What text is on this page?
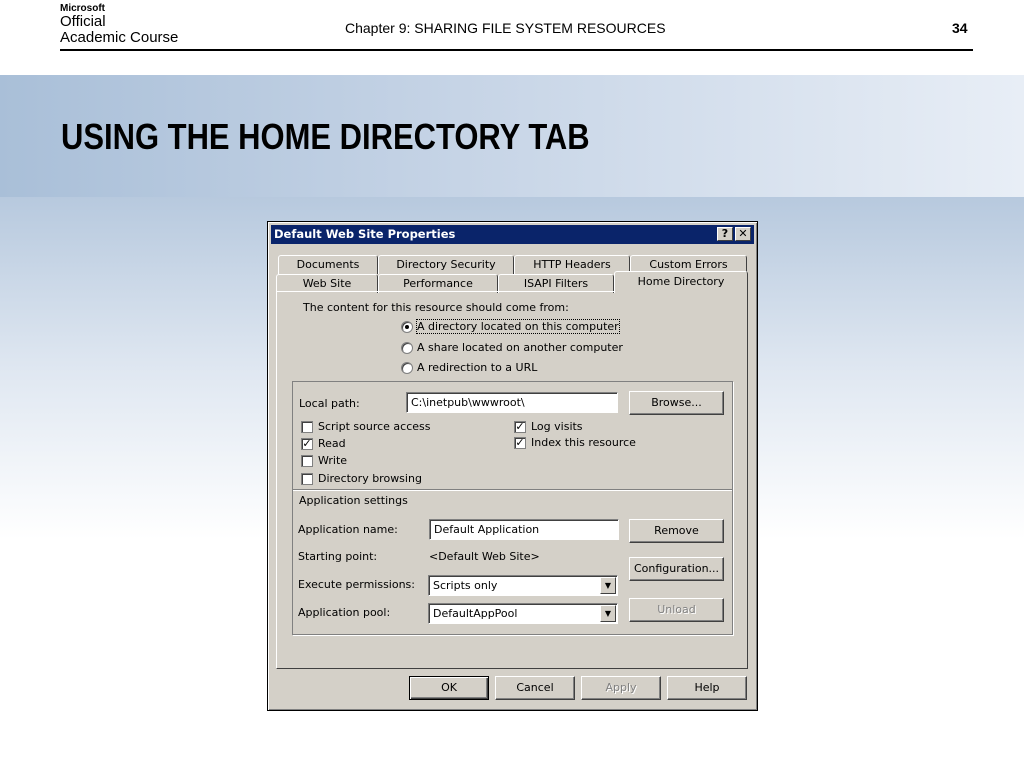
Microsoft
Official
Academic Course
Chapter 9: SHARING FILE SYSTEM RESOURCES	34
USING THE HOME DIRECTORY TAB
Default Web Site Properties	? ✕
Documents	Directory Security	HTTP Headers	Custom Errors
Web Site	Performance	ISAPI Filters	Home Directory
The content for this resource should come from:
A directory located on this computer
A share located on another computer
A redirection to a URL
Local path:	C:\inetpub\wwwroot\	Browse...
Script source access
✓ Read
Write
Directory browsing
✓ Log visits
✓ Index this resource
Application settings
Application name:	Default Application	Remove
Starting point:	<Default Web Site>
Configuration...
Execute permissions:	Scripts only	▼
Application pool:	DefaultAppPool	▼	Unload
OK	Cancel	Apply	Help
